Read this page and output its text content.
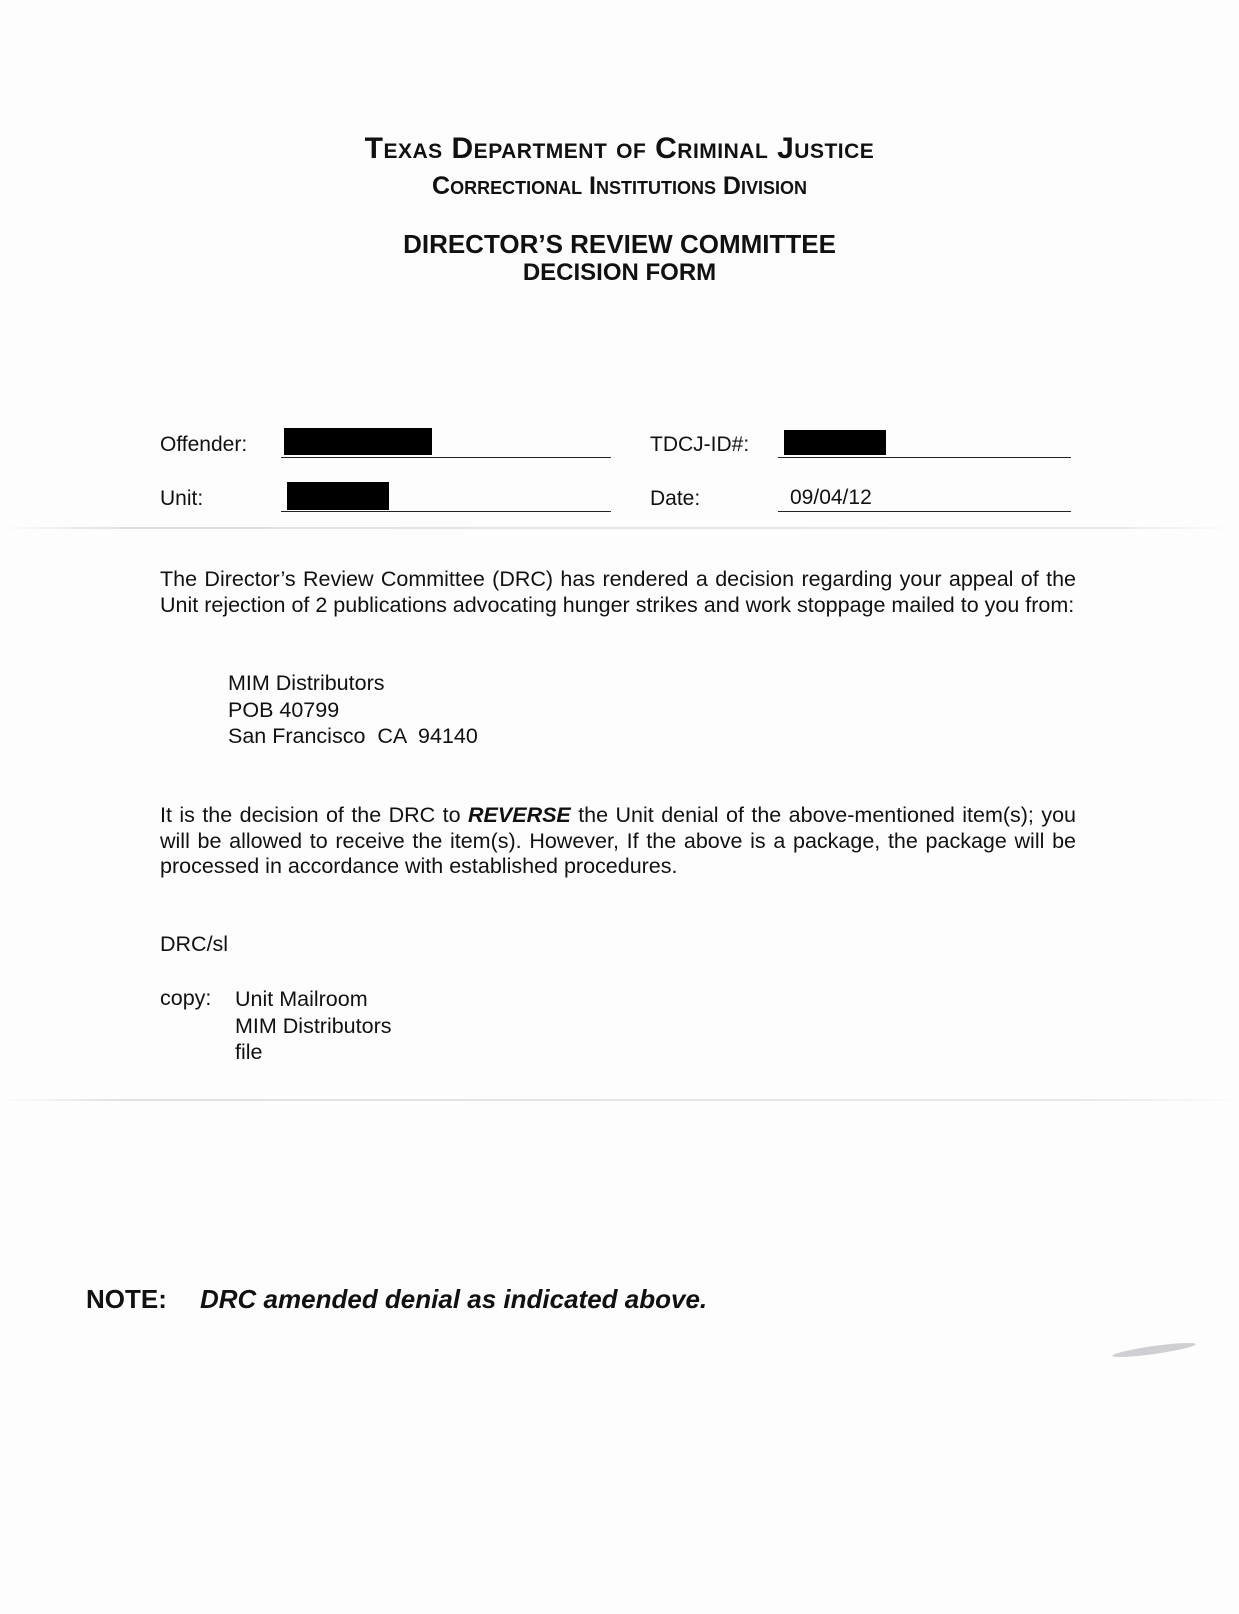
Texas Department of Criminal Justice
Correctional Institutions Division
DIRECTOR’S REVIEW COMMITTEE
DECISION FORM
Offender:	TDCJ-ID#:
Unit:	Date:	09/04/12
The Director’s Review Committee (DRC) has rendered a decision regarding your appeal of the Unit rejection of 2 publications advocating hunger strikes and work stoppage mailed to you from:
MIM Distributors
POB 40799
San Francisco  CA  94140
It is the decision of the DRC to REVERSE the Unit denial of the above-mentioned item(s); you will be allowed to receive the item(s). However, If the above is a package, the package will be processed in accordance with established procedures.
DRC/sl
copy: Unit Mailroom
MIM Distributors
file
NOTE: DRC amended denial as indicated above.
